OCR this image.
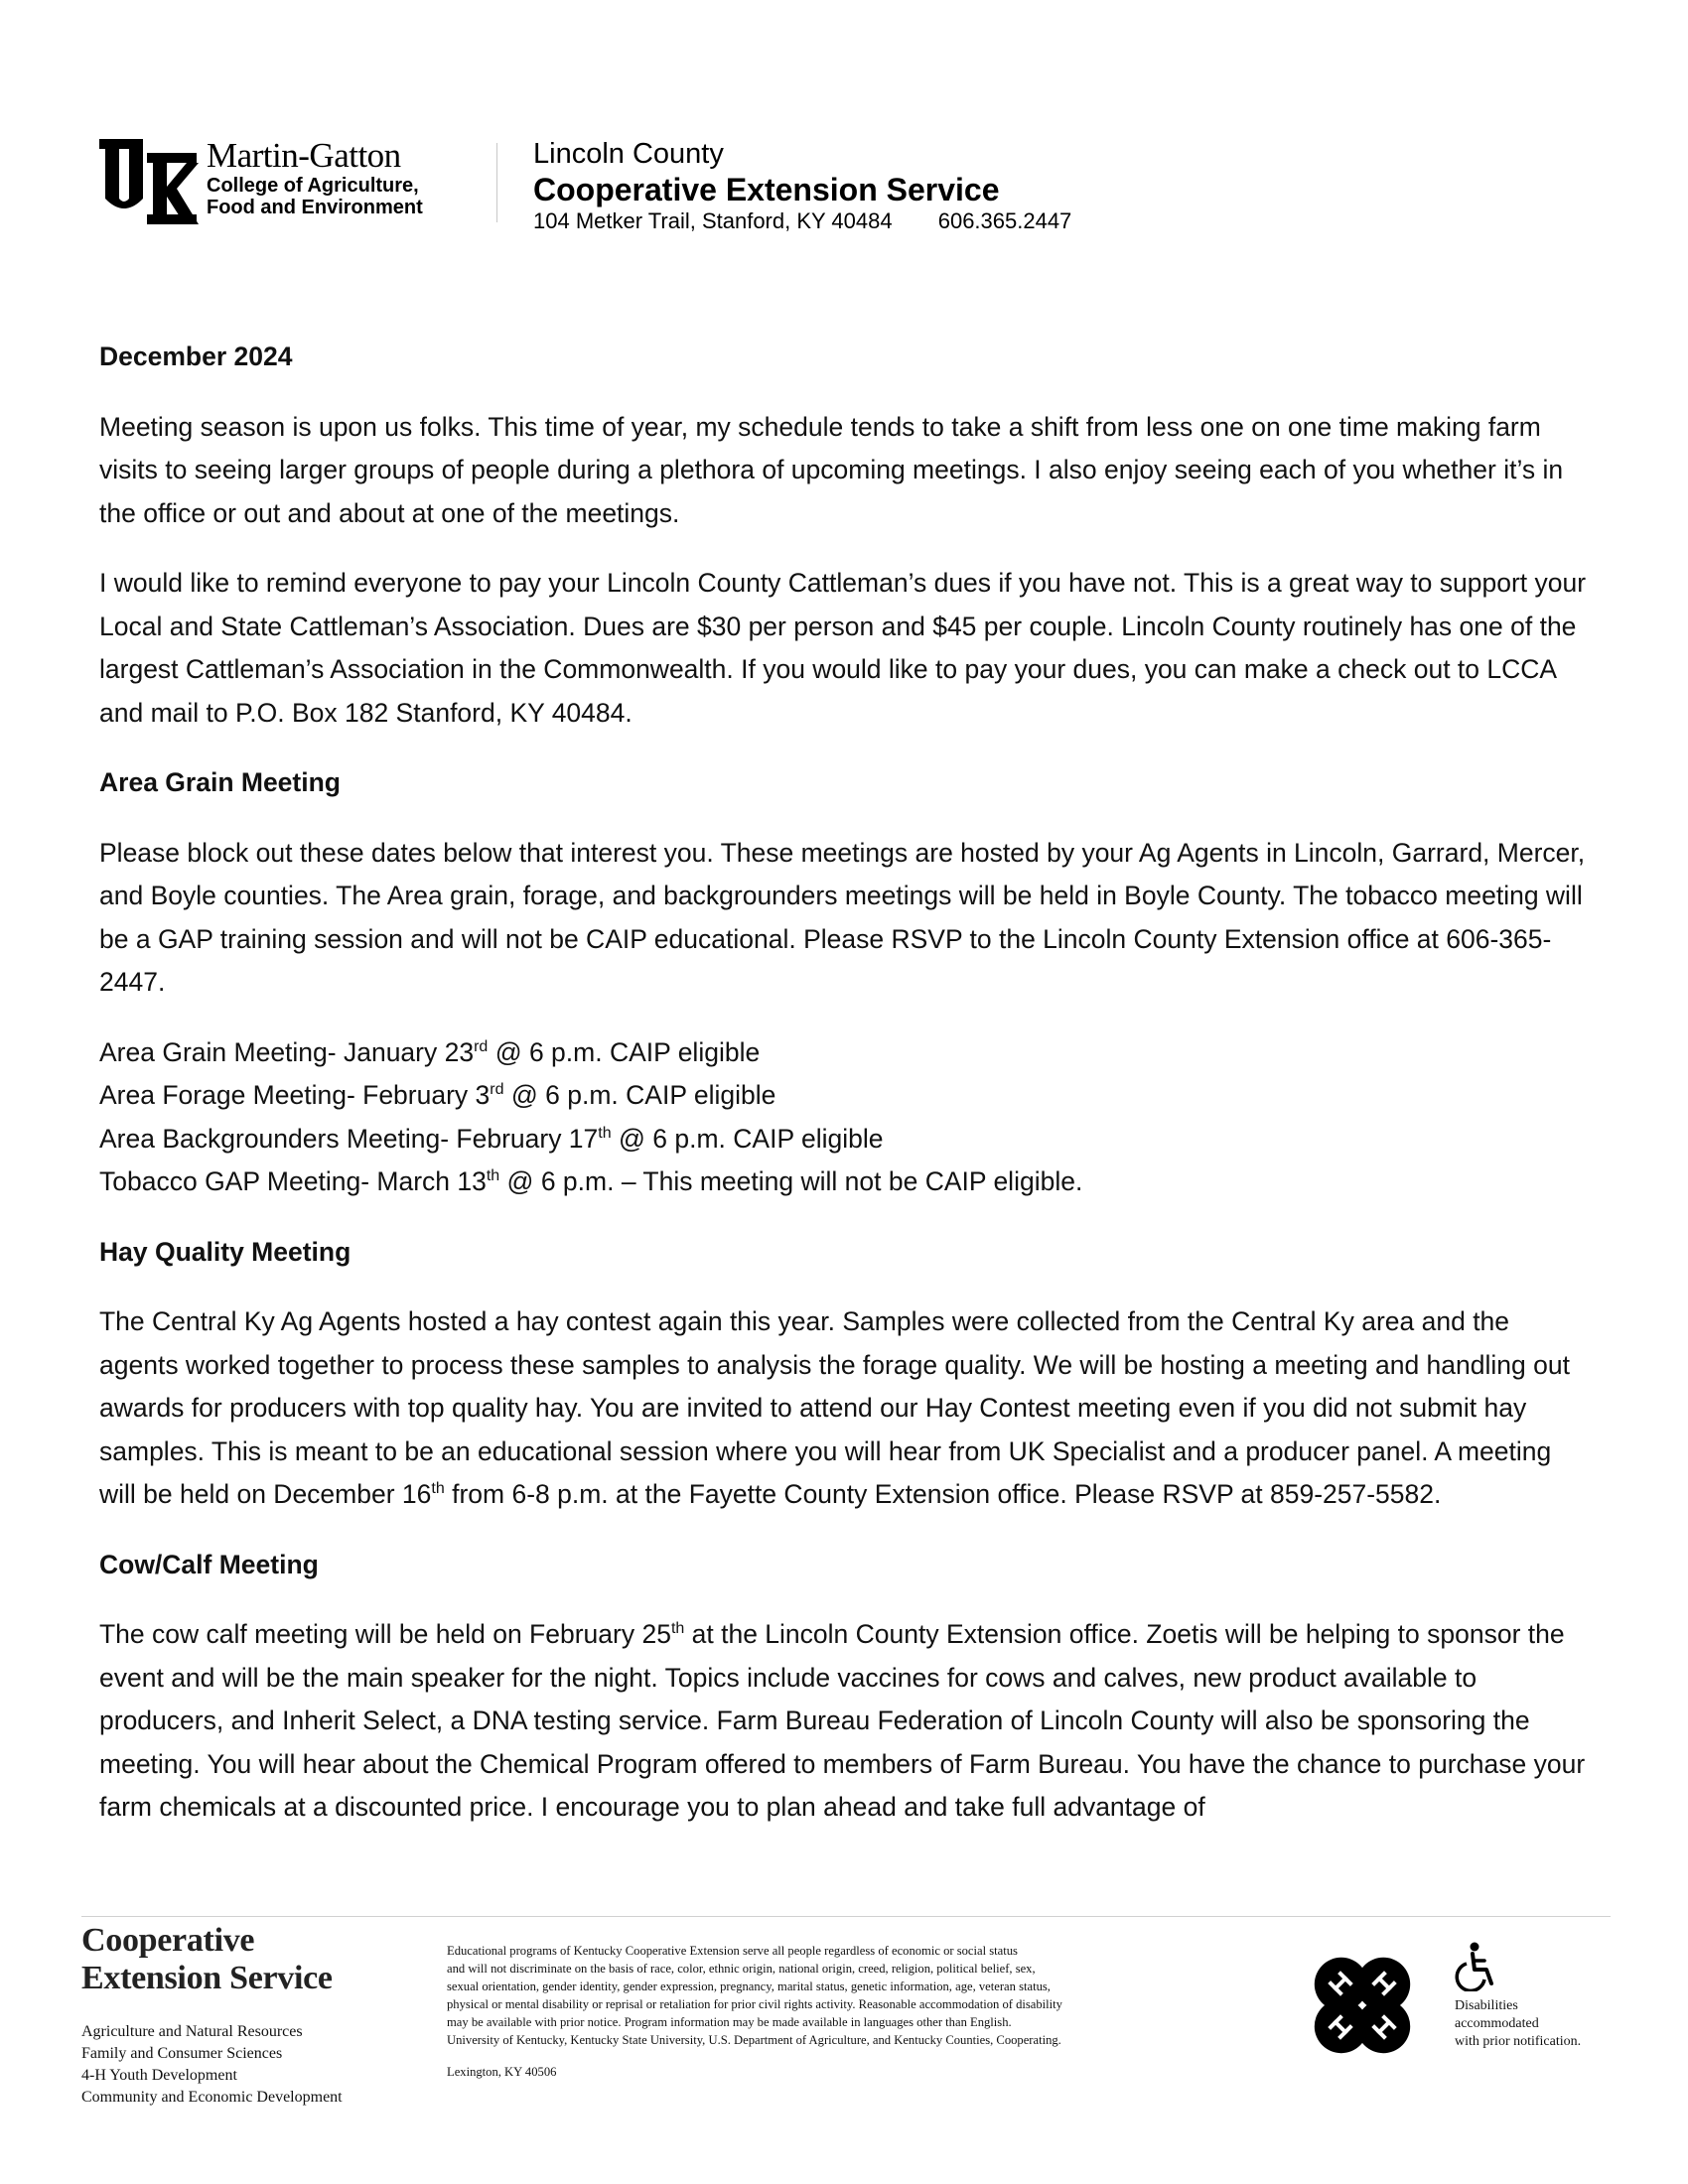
Martin-Gatton
College of Agriculture,
Food and Environment
Lincoln County
Cooperative Extension Service
104 Metker Trail, Stanford, KY 40484 606.365.2447

December 2024

Meeting season is upon us folks. This time of year, my schedule tends to take a shift from less one on one time making farm visits to seeing larger groups of people during a plethora of upcoming meetings. I also enjoy seeing each of you whether it’s in the office or out and about at one of the meetings.

I would like to remind everyone to pay your Lincoln County Cattleman’s dues if you have not. This is a great way to support your Local and State Cattleman’s Association. Dues are $30 per person and $45 per couple. Lincoln County routinely has one of the largest Cattleman’s Association in the Commonwealth. If you would like to pay your dues, you can make a check out to LCCA and mail to P.O. Box 182 Stanford, KY 40484.

Area Grain Meeting

Please block out these dates below that interest you. These meetings are hosted by your Ag Agents in Lincoln, Garrard, Mercer, and Boyle counties. The Area grain, forage, and backgrounders meetings will be held in Boyle County. The tobacco meeting will be a GAP training session and will not be CAIP educational. Please RSVP to the Lincoln County Extension office at 606-365-2447.

Area Grain Meeting- January 23rd @ 6 p.m. CAIP eligible
Area Forage Meeting- February 3rd @ 6 p.m. CAIP eligible
Area Backgrounders Meeting- February 17th @ 6 p.m. CAIP eligible
Tobacco GAP Meeting- March 13th @ 6 p.m. – This meeting will not be CAIP eligible.

Hay Quality Meeting

The Central Ky Ag Agents hosted a hay contest again this year. Samples were collected from the Central Ky area and the agents worked together to process these samples to analysis the forage quality. We will be hosting a meeting and handling out awards for producers with top quality hay. You are invited to attend our Hay Contest meeting even if you did not submit hay samples. This is meant to be an educational session where you will hear from UK Specialist and a producer panel. A meeting will be held on December 16th from 6-8 p.m. at the Fayette County Extension office. Please RSVP at 859-257-5582.

Cow/Calf Meeting

The cow calf meeting will be held on February 25th at the Lincoln County Extension office. Zoetis will be helping to sponsor the event and will be the main speaker for the night. Topics include vaccines for cows and calves, new product available to producers, and Inherit Select, a DNA testing service. Farm Bureau Federation of Lincoln County will also be sponsoring the meeting. You will hear about the Chemical Program offered to members of Farm Bureau. You have the chance to purchase your farm chemicals at a discounted price. I encourage you to plan ahead and take full advantage of

Cooperative
Extension Service
Agriculture and Natural Resources
Family and Consumer Sciences
4-H Youth Development
Community and Economic Development
Educational programs of Kentucky Cooperative Extension serve all people regardless of economic or social status
and will not discriminate on the basis of race, color, ethnic origin, national origin, creed, religion, political belief, sex,
sexual orientation, gender identity, gender expression, pregnancy, marital status, genetic information, age, veteran status,
physical or mental disability or reprisal or retaliation for prior civil rights activity. Reasonable accommodation of disability
may be available with prior notice. Program information may be made available in languages other than English.
University of Kentucky, Kentucky State University, U.S. Department of Agriculture, and Kentucky Counties, Cooperating.
Lexington, KY 40506
Disabilities
accommodated
with prior notification.
